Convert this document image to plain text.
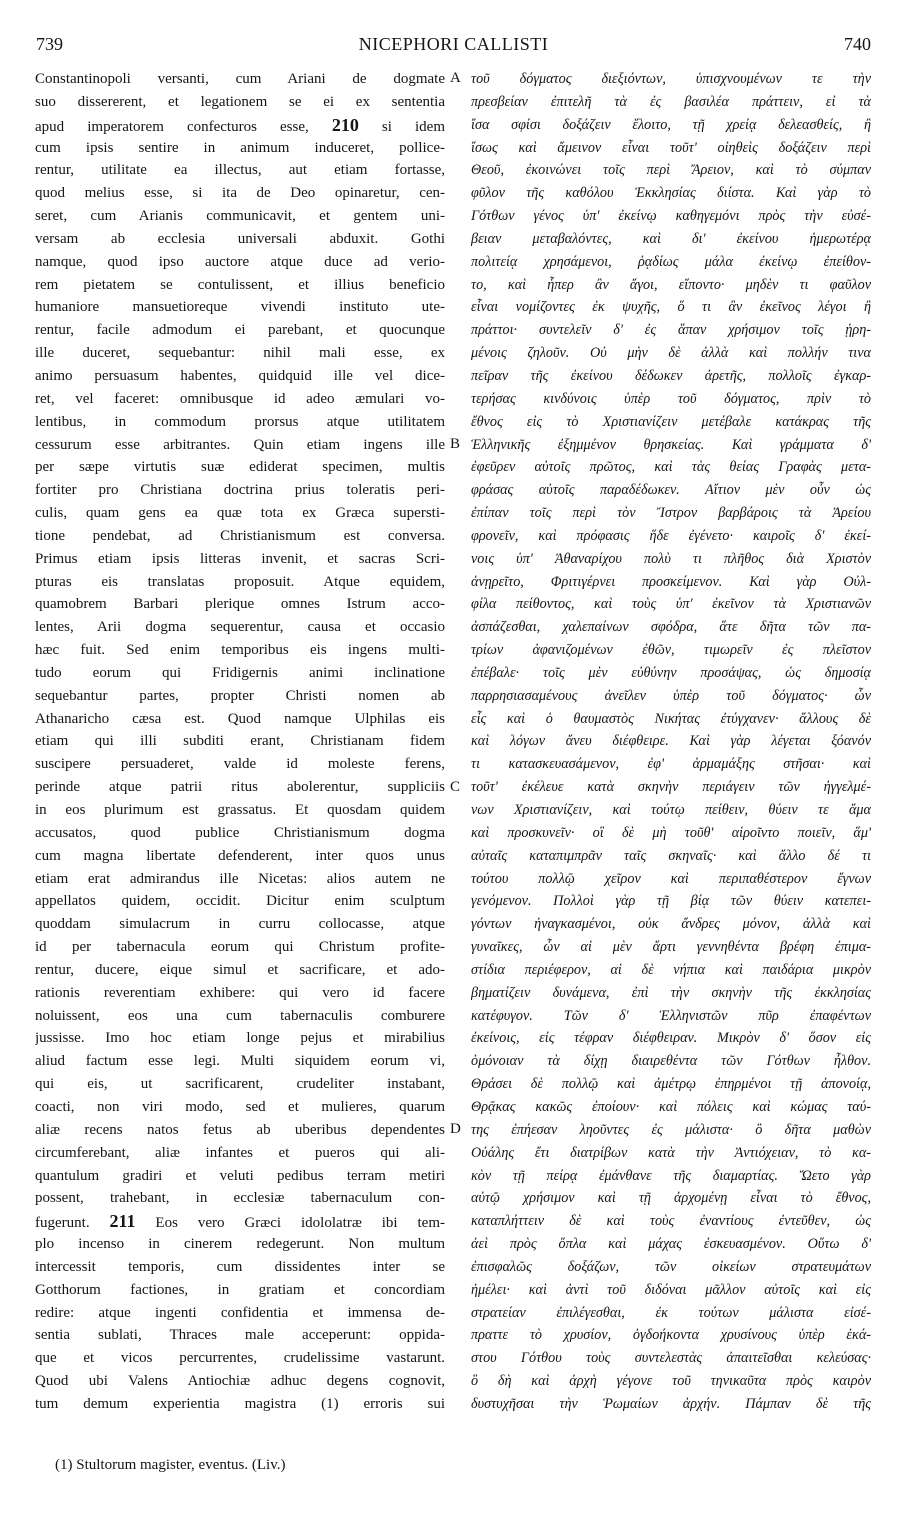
739	NICEPHORI CALLISTI	740
Constantinopoli versanti, cum Ariani de dogmate
suo dissererent, et legationem se ei ex sententia
apud imperatorem confecturos esse, 210 si idem
cum ipsis sentire in animum induceret, pollice-
rentur, utilitate ea illectus, aut etiam fortasse,
quod melius esse, si ita de Deo opinaretur, cen-
seret, cum Arianis communicavit, et gentem uni-
versam ab ecclesia universali abduxit. Gothi
namque, quod ipso auctore atque duce ad verio-
rem pietatem se contulissent, et illius beneficio
humaniore mansuetioreque vivendi instituto ute-
rentur, facile admodum ei parebant, et quocunque
ille duceret, sequebantur: nihil mali esse, ex
animo persuasum habentes, quidquid ille vel dice-
ret, vel faceret: omnibusque id adeo æmulari vo-
lentibus, in commodum prorsus atque utilitatem
cessurum esse arbitrantes. Quin etiam ingens ille
per sæpe virtutis suæ ediderat specimen, multis
fortiter pro Christiana doctrina prius toleratis peri-
culis, quam gens ea quæ tota ex Græca supersti-
tione pendebat, ad Christianismum est conversa.
Primus etiam ipsis litteras invenit, et sacras Scri-
pturas eis translatas proposuit. Atque equidem,
quamobrem Barbari plerique omnes Istrum acco-
lentes, Arii dogma sequerentur, causa et occasio
hæc fuit. Sed enim temporibus eis ingens multi-
tudo eorum qui Fridigernis animi inclinatione
sequebantur partes, propter Christi nomen ab
Athanaricho cæsa est. Quod namque Ulphilas eis
etiam qui illi subditi erant, Christianam fidem
suscipere persuaderet, valde id moleste ferens,
perinde atque patrii ritus abolerentur, suppliciis
in eos plurimum est grassatus. Et quosdam quidem
accusatos, quod publice Christianismum dogma
cum magna libertate defenderent, inter quos unus
etiam erat admirandus ille Nicetas: alios autem ne
appellatos quidem, occidit. Dicitur enim sculptum
quoddam simulacrum in curru collocasse, atque
id per tabernacula eorum qui Christum profite-
rentur, ducere, eique simul et sacrificare, et ado-
rationis reverentiam exhibere: qui vero id facere
noluissent, eos una cum tabernaculis comburere
jussisse. Imo hoc etiam longe pejus et mirabilius
aliud factum esse legi. Multi siquidem eorum vi,
qui eis, ut sacrificarent, crudeliter instabant,
coacti, non viri modo, sed et mulieres, quarum
aliæ recens natos fetus ab uberibus dependentes
circumferebant, aliæ infantes et pueros qui ali-
quantulum gradiri et veluti pedibus terram metiri
possent, trahebant, in ecclesiæ tabernaculum con-
fugerunt. 211 Eos vero Græci idololatræ ibi tem-
plo incenso in cinerem redegerunt. Non multum
intercessit temporis, cum dissidentes inter se
Gotthorum factiones, in gratiam et concordiam
redire: atque ingenti confidentia et immensa de-
sentia sublati, Thraces male acceperunt: oppida-
que et vicos percurrentes, crudelissime vastarunt.
Quod ubi Valens Antiochiæ adhuc degens cognovit,
tum demum experientia magistra (1) erroris sui
τοῦ δόγματος διεξιόντων, ὑπισχνουμένων τε τὴν
πρεσβείαν ἐπιτελῆ τὰ ἐς βασιλέα πράττειν, εἰ τὰ
ἴσα σφίσι δοξάζειν ἕλοιτο, τῇ χρείᾳ δελεασθείς, ἢ
ἴσως καὶ ἄμεινον εἶναι τοῦτ' οἰηθεὶς δοξάζειν περὶ
Θεοῦ, ἐκοινώνει τοῖς περὶ Ἄρειον, καὶ τὸ σύμπαν
φῦλον τῆς καθόλου Ἐκκλησίας διίστα. Καὶ γὰρ τὸ
Γότθων γένος ὑπ' ἐκείνῳ καθηγεμόνι πρὸς τὴν εὐσέ-
βειαν μεταβαλόντες, καὶ δι' ἐκείνου ἡμερωτέρᾳ
πολιτείᾳ χρησάμενοι, ῥᾳδίως μάλα ἐκείνῳ ἐπείθον-
το, καὶ ἧπερ ἂν ἄγοι, εἵποντο· μηδὲν τι φαῦλον
εἶναι νομίζοντες ἐκ ψυχῆς, ὅ τι ἂν ἐκεῖνος λέγοι ἢ
πράττοι· συντελεῖν δ' ἐς ἅπαν χρήσιμον τοῖς ᾑρη-
μένοις ζηλοῦν. Οὐ μὴν δὲ ἀλλὰ καὶ πολλήν τινα
πεῖραν τῆς ἐκείνου δέδωκεν ἀρετῆς, πολλοῖς ἐγκαρ-
τερήσας κινδύνοις ὑπὲρ τοῦ δόγματος, πρὶν τὸ
ἔθνος εἰς τὸ Χριστιανίζειν μετέβαλε κατάκρας τῆς
Ἑλληνικῆς ἐξημμένον θρησκείας. Καὶ γράμματα δ'
ἐφεῦρεν αὐτοῖς πρῶτος, καὶ τὰς θείας Γραφὰς μετα-
φράσας αὐτοῖς παραδέδωκεν. Αἴτιον μὲν οὖν ὡς
ἐπίπαν τοῖς περὶ τὸν Ἴστρον βαρβάροις τὰ Ἀρείου
φρονεῖν, καὶ πρόφασις ἥδε ἐγένετο· καιροῖς δ' ἐκεί-
νοις ὑπ' Ἀθαναρίχου πολὺ τι πλῆθος διὰ Χριστὸν
ἀνῃρεῖτο, Φριτιγέρνει προσκείμενον. Καὶ γὰρ Οὐλ-
φίλα πείθοντος, καὶ τοὺς ὑπ' ἐκεῖνον τὰ Χριστιανῶν
ἀσπάζεσθαι, χαλεπαίνων σφόδρα, ἅτε δῆτα τῶν πα-
τρίων ἀφανιζομένων ἐθῶν, τιμωρεῖν ἐς πλεῖστον
ἐπέβαλε· τοῖς μὲν εὐθύνην προσάψας, ὡς δημοσίᾳ
παρρησιασαμένους ἀνεῖλεν ὑπὲρ τοῦ δόγματος· ὧν
εἷς καὶ ὁ θαυμαστὸς Νικήτας ἐτύγχανεν· ἄλλους δὲ
καὶ λόγων ἄνευ διέφθειρε. Καὶ γὰρ λέγεται ξόανόν
τι κατασκευασάμενον, ἐφ' ἁρμαμάξης στῆσαι· καὶ
τοῦτ' ἐκέλευε κατὰ σκηνὴν περιάγειν τῶν ἠγγελμέ-
νων Χριστιανίζειν, καὶ τούτῳ πείθειν, θύειν τε ἅμα
καὶ προσκυνεῖν· οἳ δὲ μὴ τοῦθ' αἱροῖντο ποιεῖν, ἅμ'
αὐταῖς καταπιμπρᾶν ταῖς σκηναῖς· καὶ ἄλλο δέ τι
τούτου πολλῷ χεῖρον καὶ περιπαθέστερον ἔγνων
γενόμενον. Πολλοὶ γὰρ τῇ βίᾳ τῶν θύειν κατεπει-
γόντων ἠναγκασμένοι, οὐκ ἄνδρες μόνον, ἀλλὰ καὶ
γυναῖκες, ὧν αἱ μὲν ἄρτι γεννηθέντα βρέφη ἐπιμα-
στίδια περιέφερον, αἱ δὲ νήπια καὶ παιδάρια μικρὸν
βηματίζειν δυνάμενα, ἐπὶ τὴν σκηνὴν τῆς ἐκκλησίας
κατέφυγον. Τῶν δ' Ἑλληνιστῶν πῦρ ἐπαφέντων
ἐκείνοις, εἰς τέφραν διέφθειραν. Μικρὸν δ' ὅσον εἰς
ὁμόνοιαν τὰ δίχῃ διαιρεθέντα τῶν Γότθων ἦλθον.
Θράσει δὲ πολλῷ καὶ ἀμέτρῳ ἐπηρμένοι τῇ ἀπονοίᾳ,
Θρᾷκας κακῶς ἐποίουν· καὶ πόλεις καὶ κώμας ταύ-
της ἐπήεσαν ληοῦντες ἐς μάλιστα· ὃ δῆτα μαθὼν
Οὐάλης ἔτι διατρίβων κατὰ τὴν Ἀντιόχειαν, τὸ κα-
κὸν τῇ πείρᾳ ἐμάνθανε τῆς διαμαρτίας. Ὤετο γὰρ
αὐτῷ χρήσιμον καὶ τῇ ἀρχομένῃ εἶναι τὸ ἔθνος,
καταπλήττειν δὲ καὶ τοὺς ἐναντίους ἐντεῦθεν, ὡς
ἀεὶ πρὸς ὅπλα καὶ μάχας ἐσκευασμένον. Οὕτω δ'
ἐπισφαλῶς δοξάζων, τῶν οἰκείων στρατευμάτων
ἠμέλει· καὶ ἀντὶ τοῦ διδόναι μᾶλλον αὐτοῖς καὶ εἰς
στρατείαν ἐπιλέγεσθαι, ἐκ τούτων μάλιστα εἰσέ-
πραττε τὸ χρυσίον, ὀγδοήκοντα χρυσίνους ὑπὲρ ἑκά-
στου Γότθου τοὺς συντελεστὰς ἀπαιτεῖσθαι κελεύσας·
ὃ δὴ καὶ ἀρχὴ γέγονε τοῦ τηνικαῦτα πρὸς καιρὸν
δυστυχῆσαι τὴν Ῥωμαίων ἀρχήν. Πάμπαν δὲ τῆς
A
B
C
D
(1) Stultorum magister, eventus. (Liv.)
